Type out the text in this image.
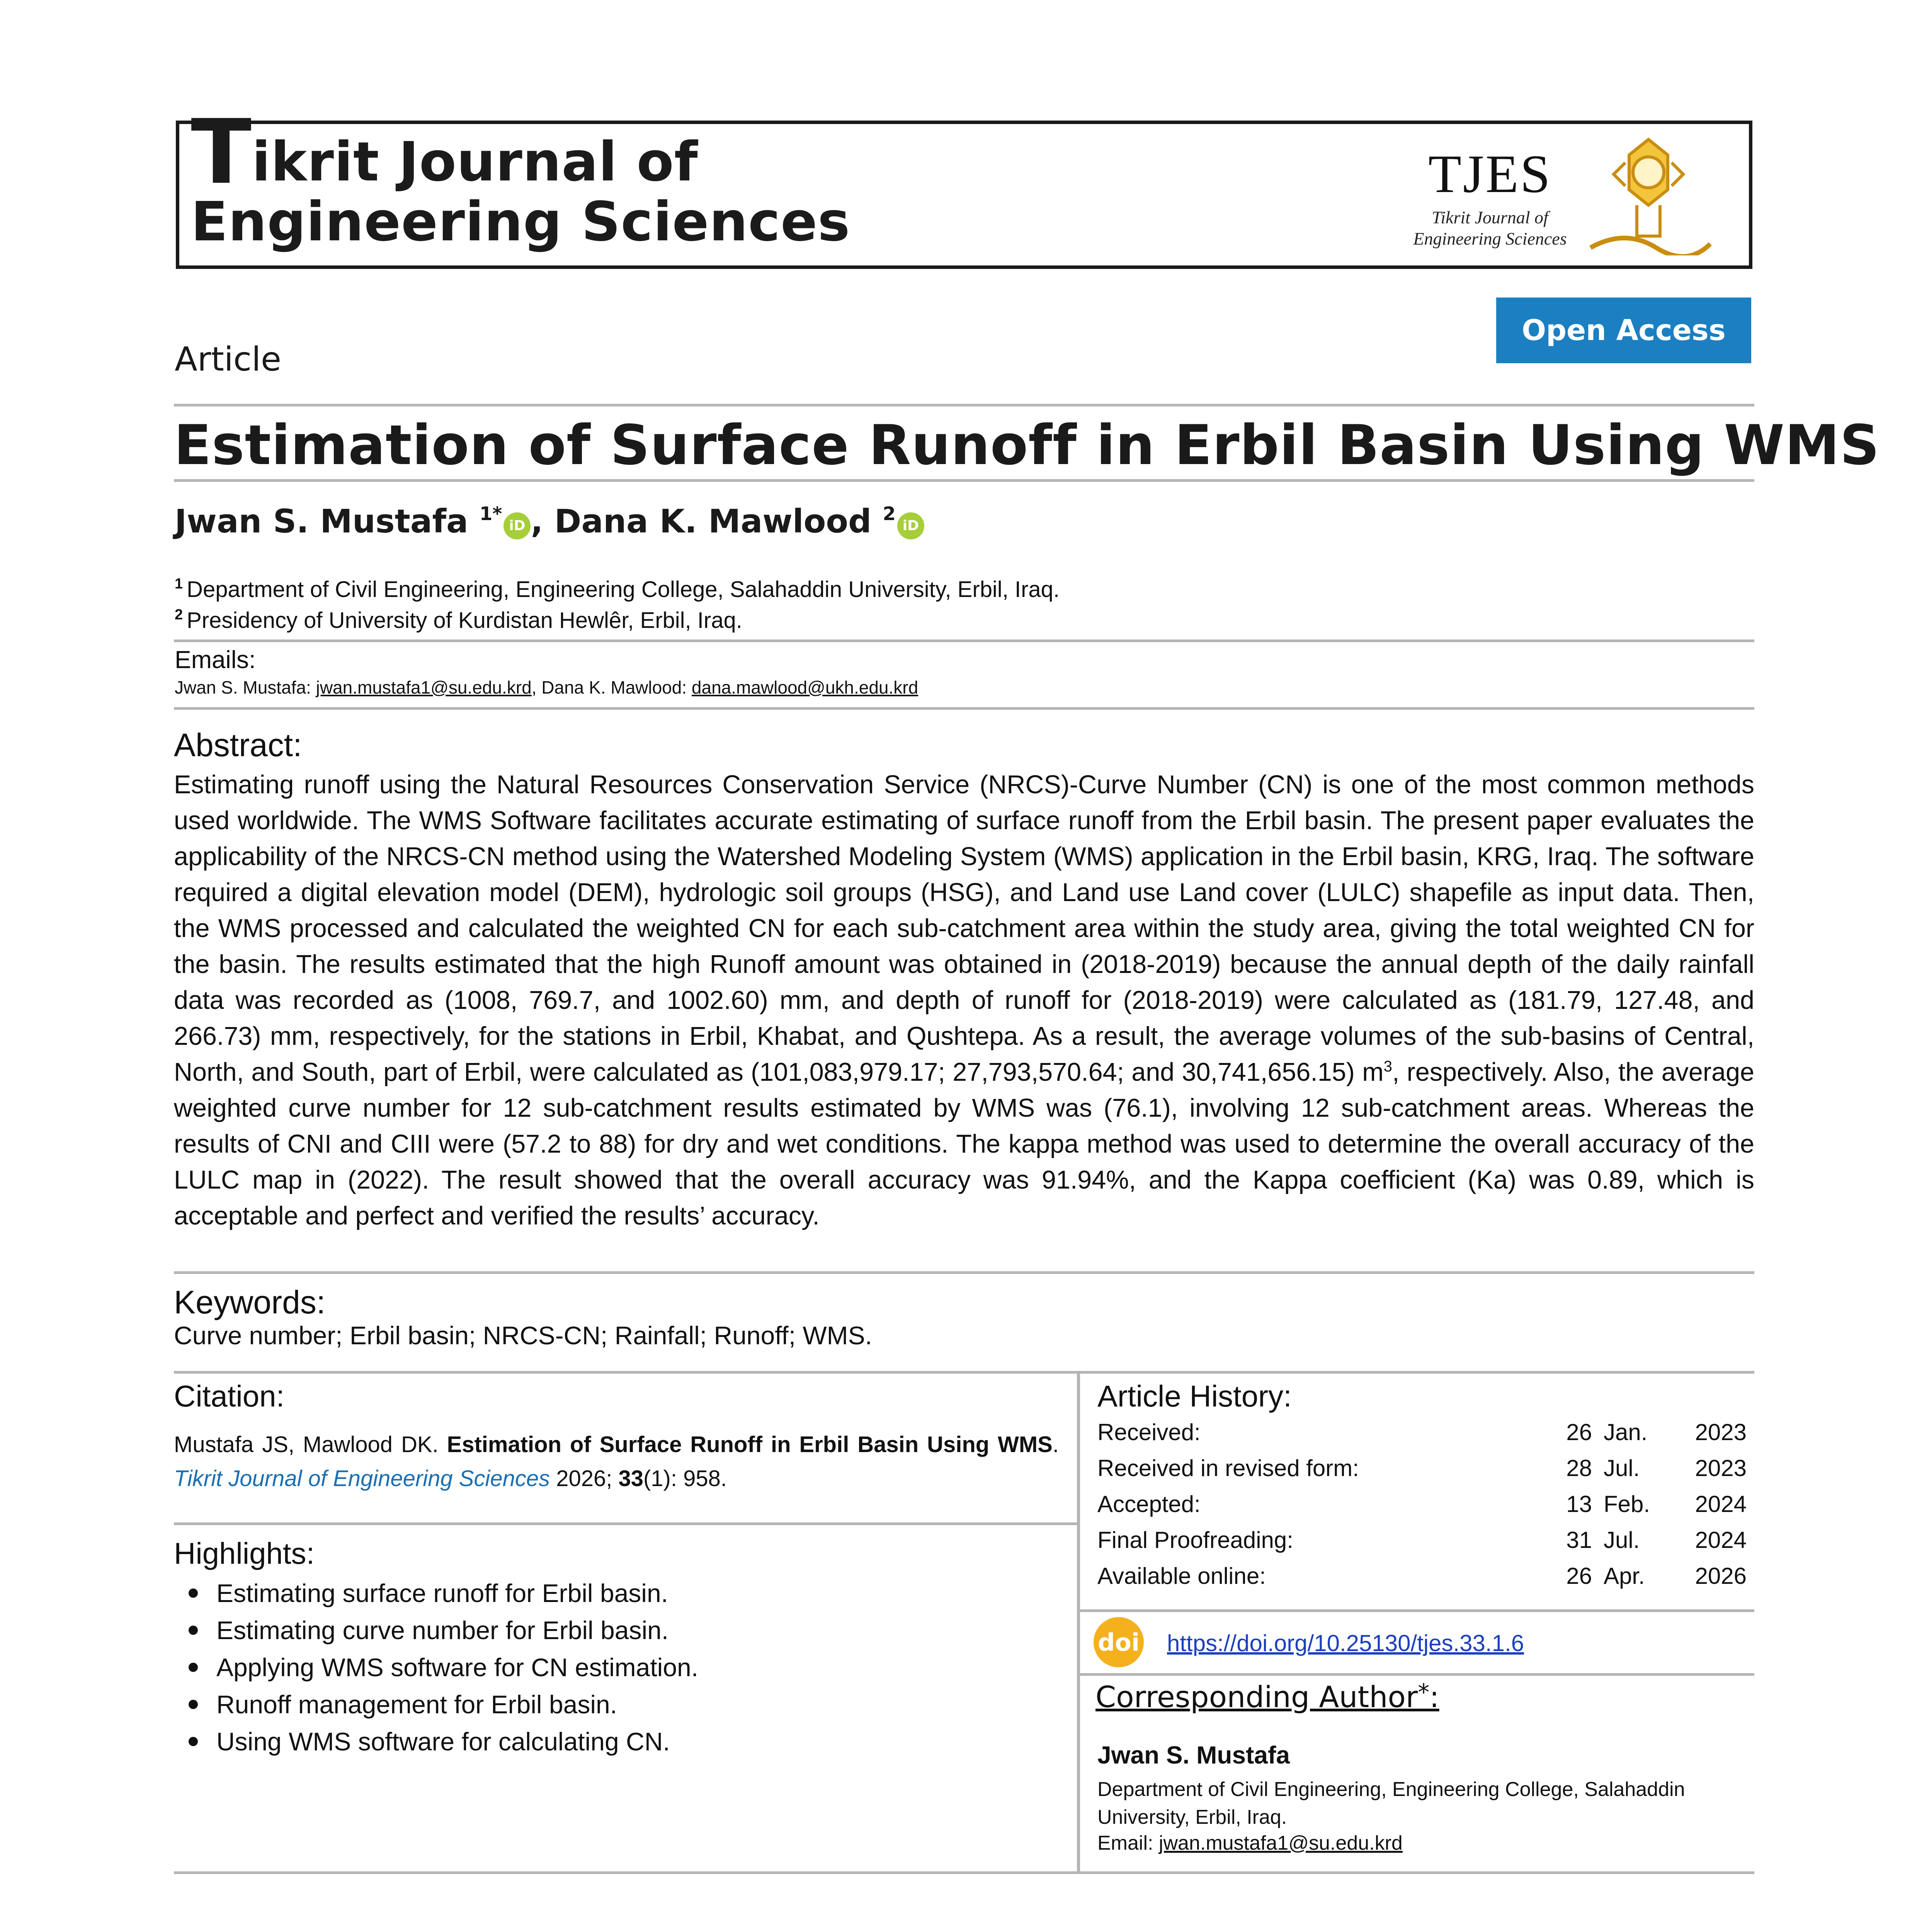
Tikrit Journal of
Engineering Sciences
TJES
Tikrit Journal of
Engineering Sciences
Open Access
Article
Estimation of Surface Runoff in Erbil Basin Using WMS
Jwan S. Mustafa $^{1*}$iD , Dana K. Mawlood $^2$iD
$^1$ Department of Civil Engineering, Engineering College, Salahaddin University, Erbil, Iraq.
$^2$ Presidency of University of Kurdistan Hewlêr, Erbil, Iraq.
Emails:
Jwan S. Mustafa: jwan.mustafa1@su.edu.krd, Dana K. Mawlood: dana.mawlood@ukh.edu.krd
Abstract:
Estimating runoff using the Natural Resources Conservation Service (NRCS)-Curve Number (CN) is one of the most common methods used worldwide. The WMS Software facilitates accurate estimating of surface runoff from the Erbil basin. The present paper evaluates the applicability of the NRCS-CN method using the Watershed Modeling System (WMS) application in the Erbil basin, KRG, Iraq. The software required a digital elevation model (DEM), hydrologic soil groups (HSG), and Land use Land cover (LULC) shapefile as input data. Then, the WMS processed and calculated the weighted CN for each sub-catchment area within the study area, giving the total weighted CN for the basin. The results estimated that the high Runoff amount was obtained in (2018-2019) because the annual depth of the daily rainfall data was recorded as (1008, 769.7, and 1002.60) mm, and depth of runoff for (2018-2019) were calculated as (181.79, 127.48, and 266.73) mm, respectively, for the stations in Erbil, Khabat, and Qushtepa. As a result, the average volumes of the sub-basins of Central, North, and South, part of Erbil, were calculated as (101,083,979.17; 27,793,570.64; and 30,741,656.15) $m^3$, respectively. Also, the average weighted curve number for 12 sub-catchment results estimated by WMS was (76.1), involving 12 sub-catchment areas. Whereas the results of CNI and CIII were (57.2 to 88) for dry and wet conditions. The kappa method was used to determine the overall accuracy of the LULC map in (2022). The result showed that the overall accuracy was 91.94%, and the Kappa coefficient (Ka) was 0.89, which is acceptable and perfect and verified the results’ accuracy.
Keywords:
Curve number; Erbil basin; NRCS-CN; Rainfall; Runoff; WMS.
Citation:
Mustafa JS, Mawlood DK. Estimation of Surface Runoff in Erbil Basin Using WMS. Tikrit Journal of Engineering Sciences 2026; 33(1): 958.
Highlights:
Estimating surface runoff for Erbil basin.
Estimating curve number for Erbil basin.
Applying WMS software for CN estimation.
Runoff management for Erbil basin.
Using WMS software for calculating CN.
Article History:
Received:	26	Jan.	2023
Received in revised form:	28	Jul.	2023
Accepted:	13	Feb.	2024
Final Proofreading:	31	Jul.	2024
Available online:	26	Apr.	2026
doi https://doi.org/10.25130/tjes.33.1.6
Corresponding Author*:
Jwan S. Mustafa
Department of Civil Engineering, Engineering College, Salahaddin University, Erbil, Iraq.
Email: jwan.mustafa1@su.edu.krd
